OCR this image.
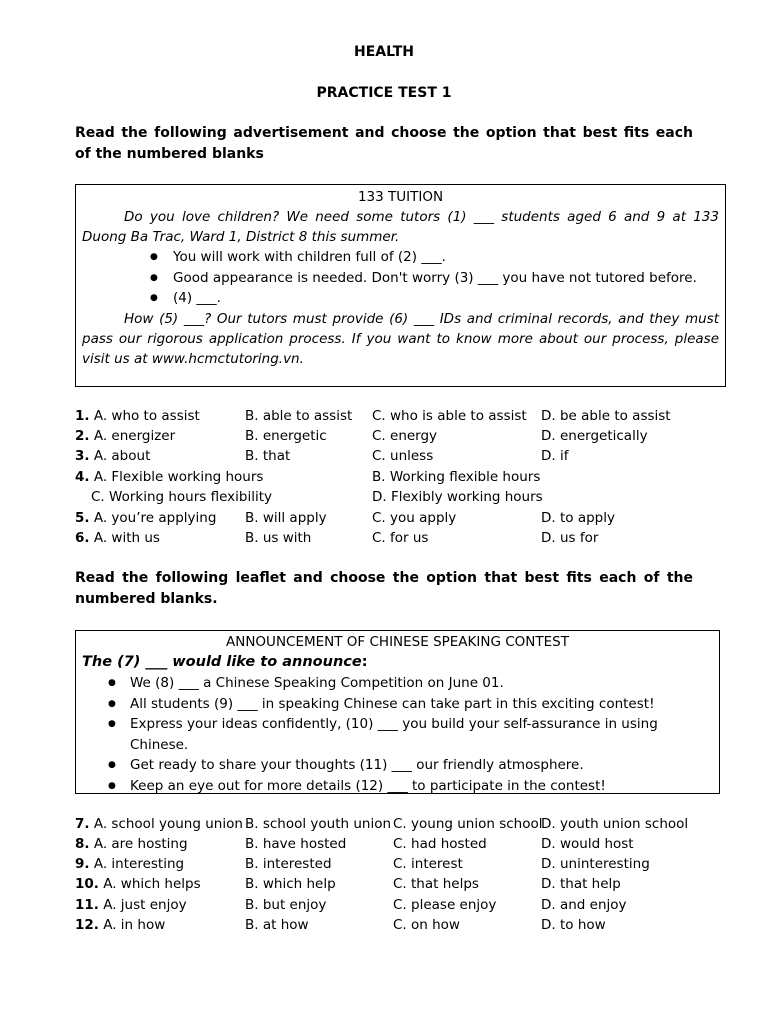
HEALTH
PRACTICE TEST 1
Read the following advertisement and choose the option that best fits each of the numbered blanks
133 TUITION
Do you love children? We need some tutors (1) ___ students aged 6 and 9 at 133 Duong Ba Trac, Ward 1, District 8 this summer.
● You will work with children full of (2) ___.
● Good appearance is needed. Don't worry (3) ___ you have not tutored before.
● (4) ___.
How (5) ___? Our tutors must provide (6) ___ IDs and criminal records, and they must pass our rigorous application process. If you want to know more about our process, please visit us at www.hcmctutoring.vn.
1. A. who to assist	B. able to assist C. who is able to assist D. be able to assist
2. A. energizer	B. energetic	C. energy	D. energetically
3. A. about	B. that	C. unless	D. if
4. A. Flexible working hours	B. Working flexible hours
C. Working hours flexibility	D. Flexibly working hours
5. A. you’re applying B. will apply	C. you apply	D. to apply
6. A. with us	B. us with	C. for us	D. us for
Read the following leaflet and choose the option that best fits each of the numbered blanks.
ANNOUNCEMENT OF CHINESE SPEAKING CONTEST
The (7) ___ would like to announce:
● We (8) ___ a Chinese Speaking Competition on June 01.
● All students (9) ___ in speaking Chinese can take part in this exciting contest!
● Express your ideas confidently, (10) ___ you build your self-assurance in using Chinese.
● Get ready to share your thoughts (11) ___ our friendly atmosphere.
● Keep an eye out for more details (12) ___ to participate in the contest!
7. A. school young union B. school youth union C. young union school
D. youth union school
8. A. are hosting	B. have hosted	C. had hosted	D. would host
9. A. interesting	B. interested	C. interest	D. uninteresting
10. A. which helps	B. which help	C. that helps	D. that help
11. A. just enjoy	B. but enjoy	C. please enjoy	D. and enjoy
12. A. in how	B. at how	C. on how	D. to how
